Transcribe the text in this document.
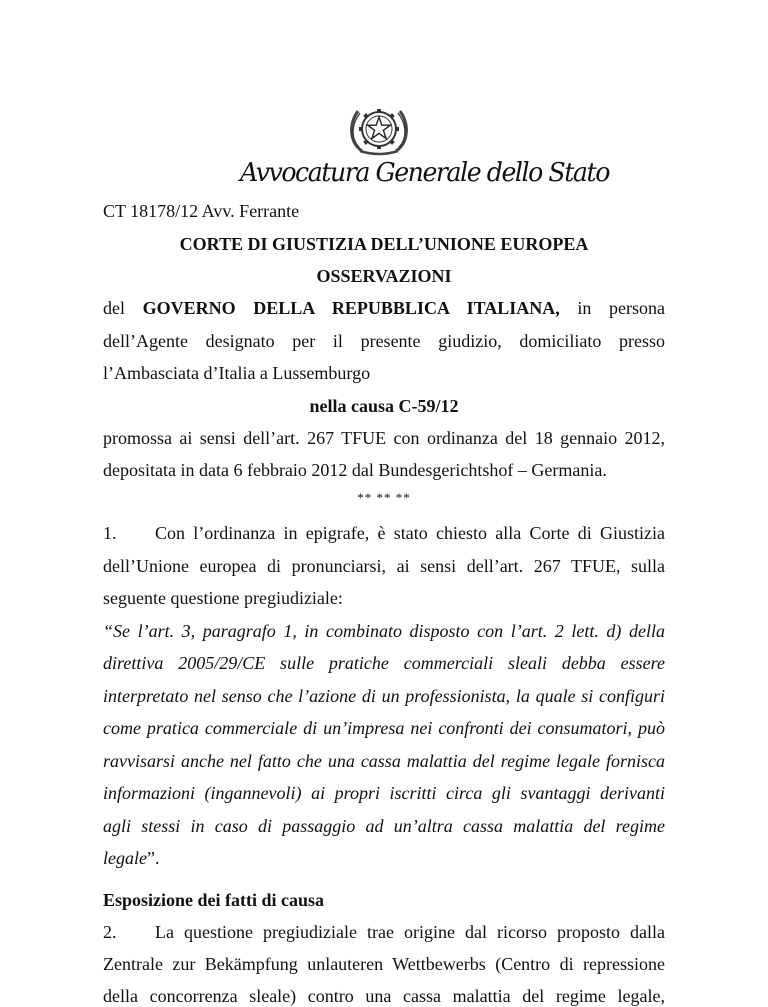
Avvocatura Generale dello Stato
CT 18178/12 Avv. Ferrante
CORTE DI GIUSTIZIA DELL’UNIONE EUROPEA
OSSERVAZIONI
del GOVERNO DELLA REPUBBLICA ITALIANA, in persona
dell’Agente designato per il presente giudizio, domiciliato presso
l’Ambasciata d’Italia a Lussemburgo
nella causa C-59/12
promossa ai sensi dell’art. 267 TFUE con ordinanza del 18 gennaio 2012,
depositata in data 6 febbraio 2012 dal Bundesgerichtshof – Germania.
** ** **
1. Con l’ordinanza in epigrafe, è stato chiesto alla Corte di Giustizia
dell’Unione europea di pronunciarsi, ai sensi dell’art. 267 TFUE, sulla
seguente questione pregiudiziale:
“Se l’art. 3, paragrafo 1, in combinato disposto con l’art. 2 lett. d) della
direttiva 2005/29/CE sulle pratiche commerciali sleali debba essere
interpretato nel senso che l’azione di un professionista, la quale si configuri
come pratica commerciale di un’impresa nei confronti dei consumatori, può
ravvisarsi anche nel fatto che una cassa malattia del regime legale fornisca
informazioni (ingannevoli) ai propri iscritti circa gli svantaggi derivanti
agli stessi in caso di passaggio ad un’altra cassa malattia del regime
legale”.
Esposizione dei fatti di causa
2. La questione pregiudiziale trae origine dal ricorso proposto dalla
Zentrale zur Bekämpfung unlauteren Wettbewerbs (Centro di repressione
della concorrenza sleale) contro una cassa malattia del regime legale,
